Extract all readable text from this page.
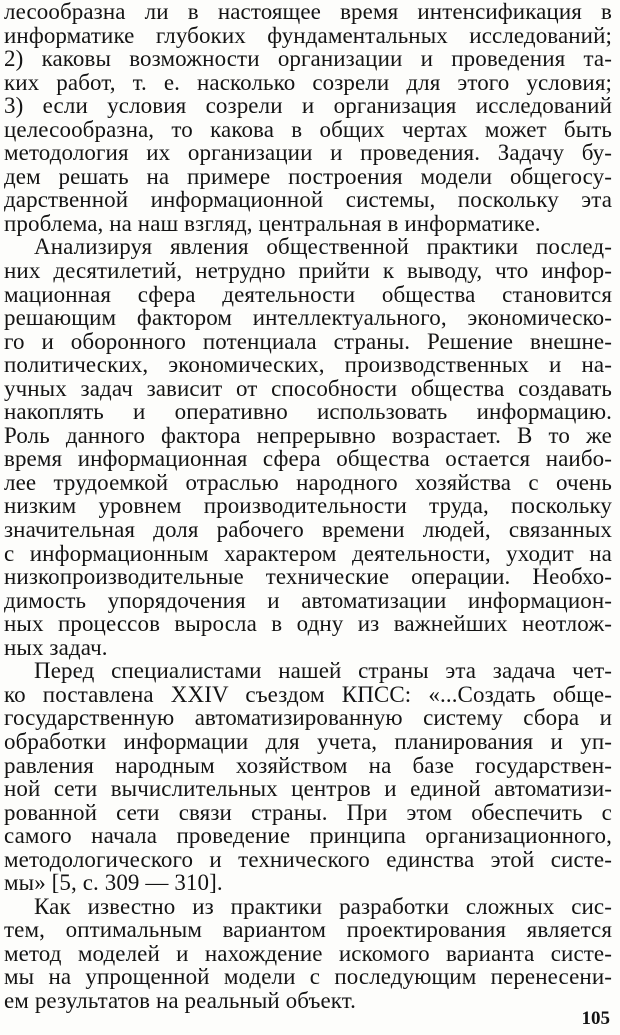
лесообразна ли в настоящее время интенсификация в
информатике глубоких фундаментальных исследований;
2) каковы возможности организации и проведения та-
ких работ, т. е. насколько созрели для этого условия;
3) если условия созрели и организация исследований
целесообразна, то какова в общих чертах может быть
методология их организации и проведения. Задачу бу-
дем решать на примере построения модели общегосу-
дарственной информационной системы, поскольку эта
проблема, на наш взгляд, центральная в информатике.
Анализируя явления общественной практики послед-
них десятилетий, нетрудно прийти к выводу, что инфор-
мационная сфера деятельности общества становится
решающим фактором интеллектуального, экономическо-
го и оборонного потенциала страны. Решение внешне-
политических, экономических, производственных и на-
учных задач зависит от способности общества создавать
накоплять и оперативно использовать информацию.
Роль данного фактора непрерывно возрастает. В то же
время информационная сфера общества остается наибо-
лее трудоемкой отраслью народного хозяйства с очень
низким уровнем производительности труда, поскольку
значительная доля рабочего времени людей, связанных
с информационным характером деятельности, уходит на
низкопроизводительные технические операции. Необхо-
димость упорядочения и автоматизации информацион-
ных процессов выросла в одну из важнейших неотлож-
ных задач.
Перед специалистами нашей страны эта задача чет-
ко поставлена XXIV съездом КПСС: «...Создать обще-
государственную автоматизированную систему сбора и
обработки информации для учета, планирования и уп-
равления народным хозяйством на базе государствен-
ной сети вычислительных центров и единой автоматизи-
рованной сети связи страны. При этом обеспечить с
самого начала проведение принципа организационного,
методологического и технического единства этой систе-
мы» [5, с. 309 — 310].
Как известно из практики разработки сложных сис-
тем, оптимальным вариантом проектирования является
метод моделей и нахождение искомого варианта систе-
мы на упрощенной модели с последующим перенесени-
ем результатов на реальный объект.
105
